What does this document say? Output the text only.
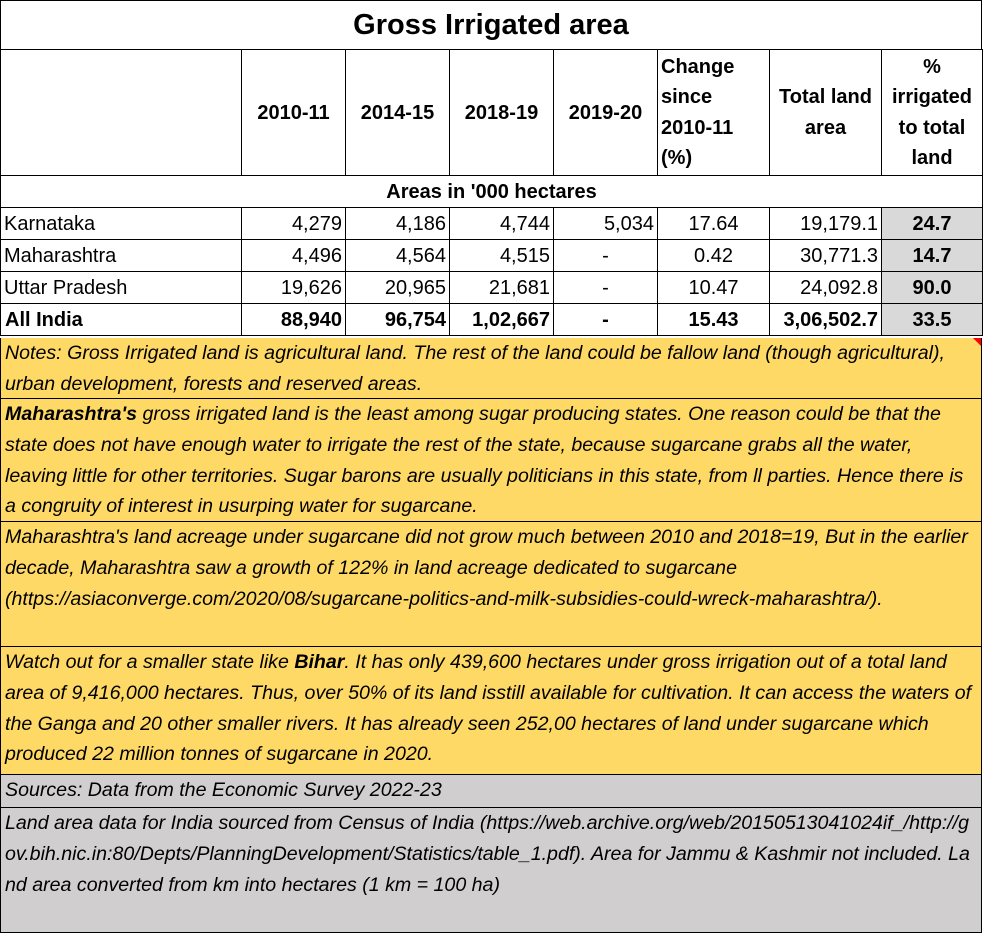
Gross Irrigated area
	2010-11	2014-15	2018-19	2019-20	Change since 2010-11 (%)	Total land area	% irrigated to total land
Areas in '000 hectares							
Karnataka	4,279	4,186	4,744	5,034	17.64	19,179.1	24.7
Maharashtra	4,496	4,564	4,515	-	0.42	30,771.3	14.7
Uttar Pradesh	19,626	20,965	21,681	-	10.47	24,092.8	90.0
All India	88,940	96,754	1,02,667	-	15.43	3,06,502.7	33.5
Notes: Gross Irrigated land is agricultural land. The rest of the land could be fallow land (though agricultural), urban development, forests and reserved areas.
Maharashtra's gross irrigated land is the least among sugar producing states. One reason could be that the state does not have enough water to irrigate the rest of the state, because sugarcane grabs all the water, leaving little for other territories. Sugar barons are usually politicians in this state, from ll parties. Hence there is a congruity of interest in usurping water for sugarcane.
Maharashtra's land acreage under sugarcane did not grow much between 2010 and 2018=19, But in the earlier decade, Maharashtra saw a growth of 122% in land acreage dedicated to sugarcane (https://asiaconverge.com/2020/08/sugarcane-politics-and-milk-subsidies-could-wreck-maharashtra/).
Watch out for a smaller state like Bihar. It has only 439,600 hectares under gross irrigation out of a total land area of 9,416,000 hectares. Thus, over 50% of its land isstill available for cultivation. It can access the waters of the Ganga and 20 other smaller rivers. It has already seen 252,00 hectares of land under sugarcane which produced 22 million tonnes of sugarcane in 2020.
Sources: Data from the Economic Survey 2022-23
Land area data for India sourced from Census of India (https://web.archive.org/web/20150513041024if_/http://gov.bih.nic.in:80/Depts/PlanningDevelopment/Statistics/table_1.pdf). Area for Jammu & Kashmir not included. Land area converted from km into hectares (1 km = 100 ha)
